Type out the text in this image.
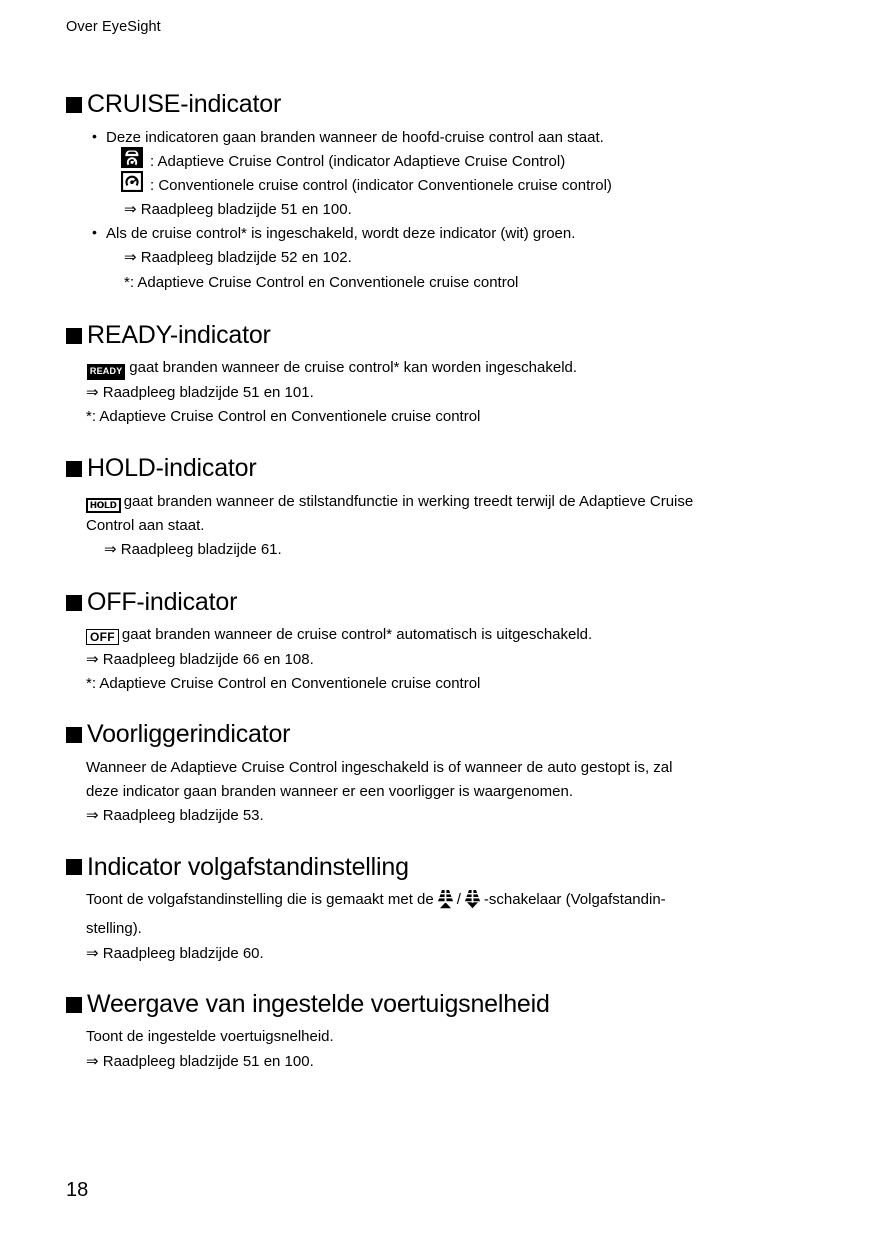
Over EyeSight
CRUISE-indicator
• Deze indicatoren gaan branden wanneer de hoofd-cruise control aan staat.
: Adaptieve Cruise Control (indicator Adaptieve Cruise Control)
: Conventionele cruise control (indicator Conventionele cruise control)
⇒ Raadpleeg bladzijde 51 en 100.
• Als de cruise control* is ingeschakeld, wordt deze indicator (wit) groen.
⇒ Raadpleeg bladzijde 52 en 102.
*: Adaptieve Cruise Control en Conventionele cruise control
READY-indicator
READY gaat branden wanneer de cruise control* kan worden ingeschakeld.
⇒ Raadpleeg bladzijde 51 en 101.
*: Adaptieve Cruise Control en Conventionele cruise control
HOLD-indicator
HOLD gaat branden wanneer de stilstandfunctie in werking treedt terwijl de Adaptieve Cruise
Control aan staat.
⇒ Raadpleeg bladzijde 61.
OFF-indicator
OFF gaat branden wanneer de cruise control* automatisch is uitgeschakeld.
⇒ Raadpleeg bladzijde 66 en 108.
*: Adaptieve Cruise Control en Conventionele cruise control
Voorliggerindicator
Wanneer de Adaptieve Cruise Control ingeschakeld is of wanneer de auto gestopt is, zal
deze indicator gaan branden wanneer er een voorligger is waargenomen.
⇒ Raadpleeg bladzijde 53.
Indicator volgafstandinstelling
Toont de volgafstandinstelling die is gemaakt met de / -schakelaar (Volgafstandin-
stelling).
⇒ Raadpleeg bladzijde 60.
Weergave van ingestelde voertuigsnelheid
Toont de ingestelde voertuigsnelheid.
⇒ Raadpleeg bladzijde 51 en 100.
18
